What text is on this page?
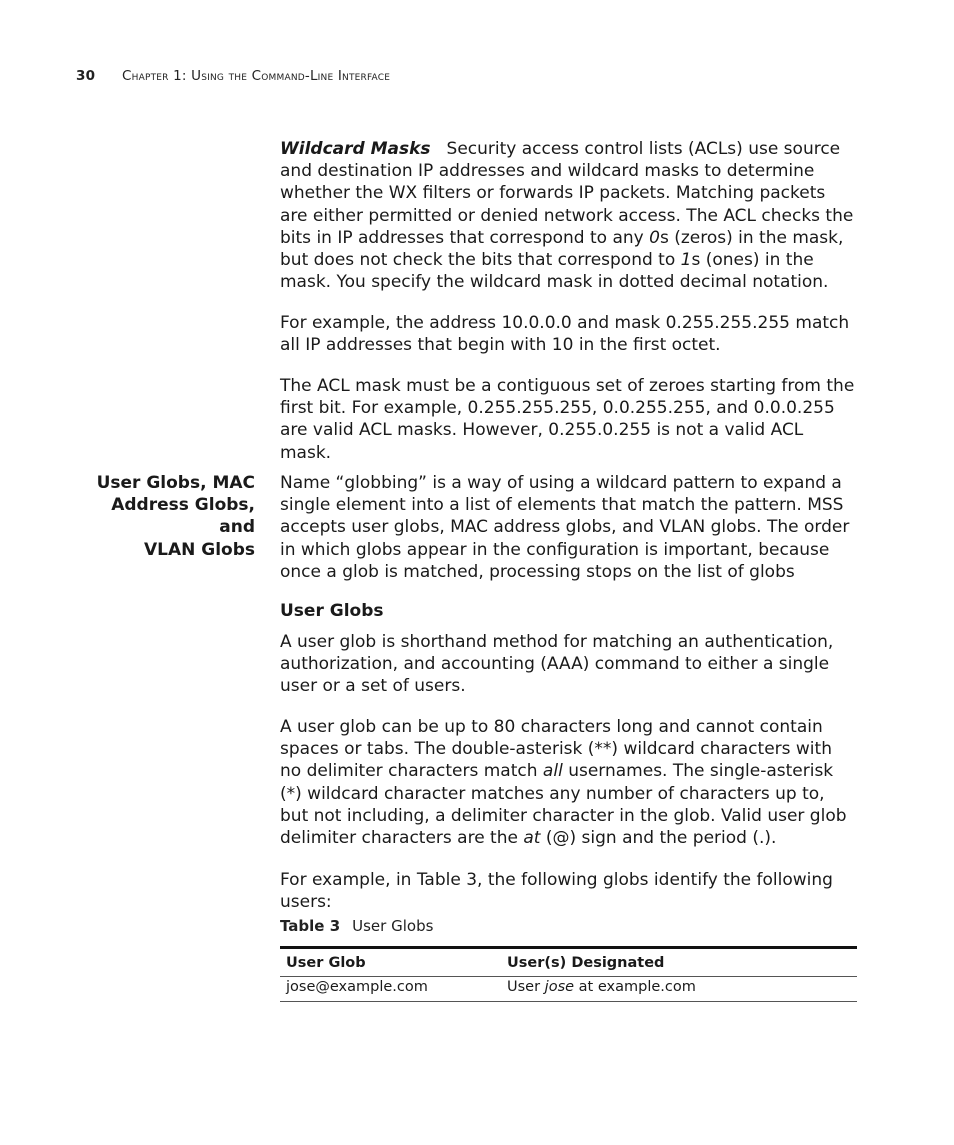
30 Chapter 1: Using the Command-Line Interface

Wildcard Masks Security access control lists (ACLs) use source and destination IP addresses and wildcard masks to determine whether the WX filters or forwards IP packets. Matching packets are either permitted or denied network access. The ACL checks the bits in IP addresses that correspond to any 0s (zeros) in the mask, but does not check the bits that correspond to 1s (ones) in the mask. You specify the wildcard mask in dotted decimal notation.

For example, the address 10.0.0.0 and mask 0.255.255.255 match all IP addresses that begin with 10 in the first octet.

The ACL mask must be a contiguous set of zeroes starting from the first bit. For example, 0.255.255.255, 0.0.255.255, and 0.0.0.255 are valid ACL masks. However, 0.255.0.255 is not a valid ACL mask.

User Globs, MAC
Address Globs, and
VLAN Globs

Name “globbing” is a way of using a wildcard pattern to expand a single element into a list of elements that match the pattern. MSS accepts user globs, MAC address globs, and VLAN globs. The order in which globs appear in the configuration is important, because once a glob is matched, processing stops on the list of globs

User Globs

A user glob is shorthand method for matching an authentication, authorization, and accounting (AAA) command to either a single user or a set of users.

A user glob can be up to 80 characters long and cannot contain spaces or tabs. The double-asterisk (**) wildcard characters with no delimiter characters match all usernames. The single-asterisk (*) wildcard character matches any number of characters up to, but not including, a delimiter character in the glob. Valid user glob delimiter characters are the at (@) sign and the period (.).

For example, in Table 3, the following globs identify the following users:

Table 3 User Globs
User Glob	User(s) Designated
jose@example.com	User jose at example.com
